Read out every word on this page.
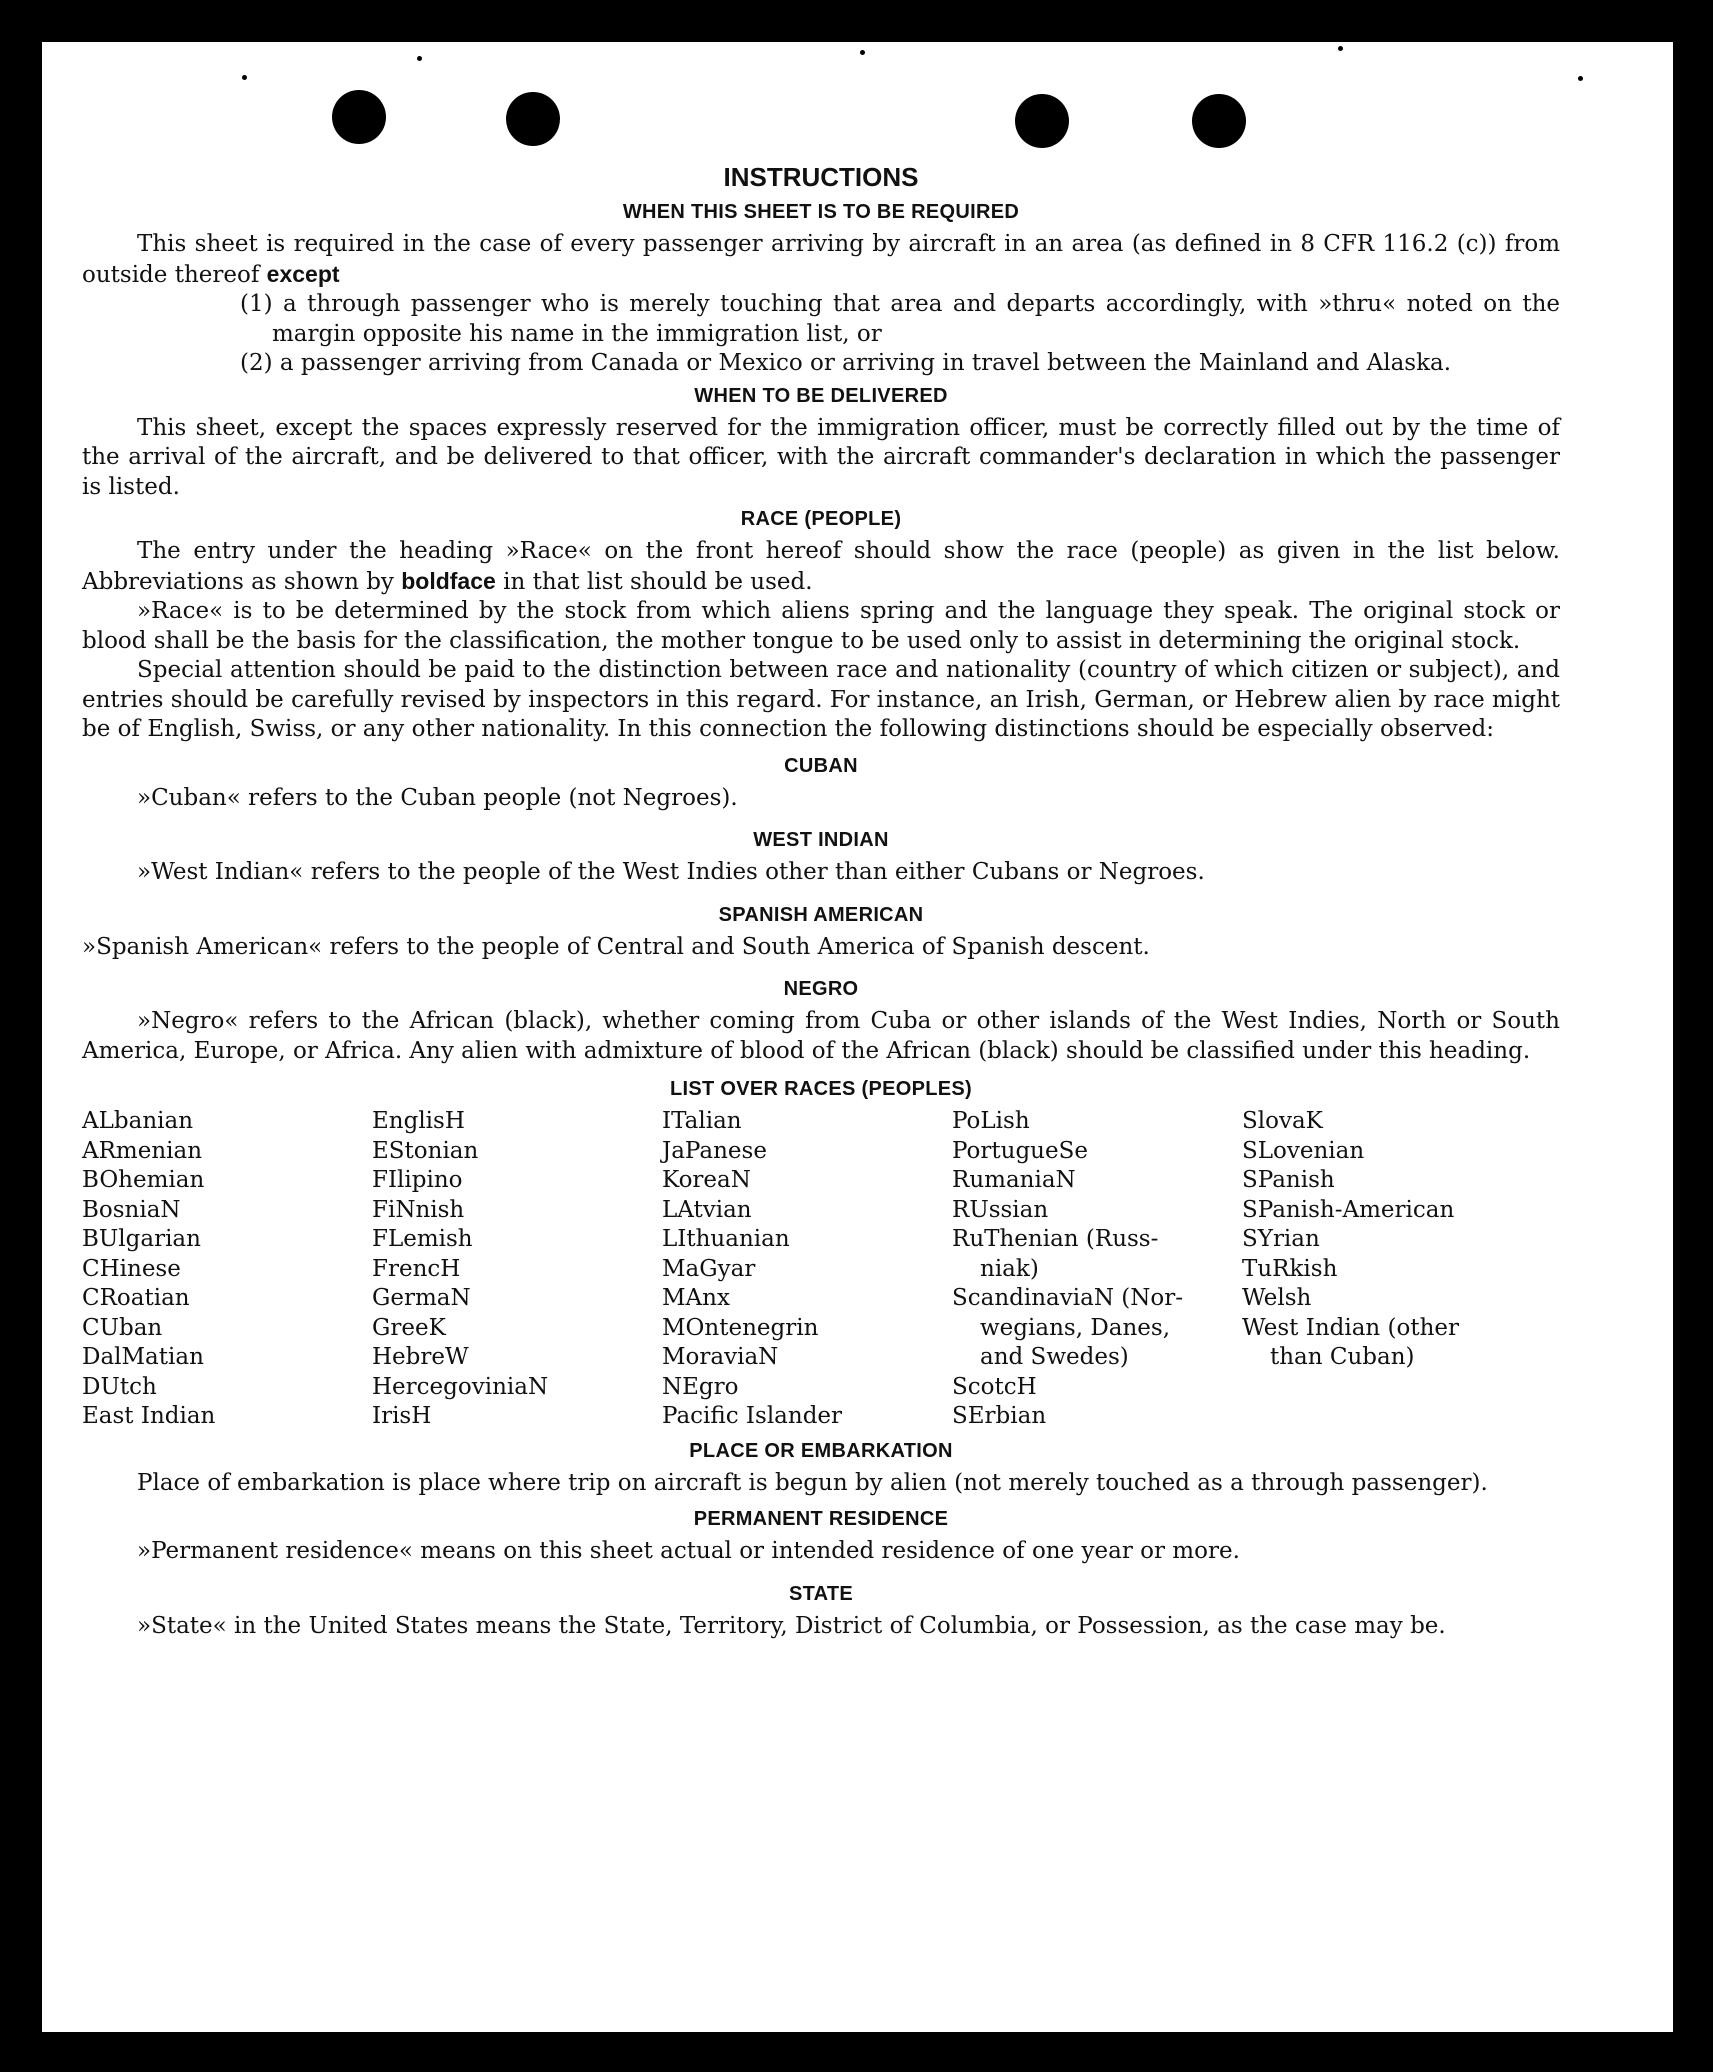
INSTRUCTIONS
WHEN THIS SHEET IS TO BE REQUIRED

This sheet is required in the case of every passenger arriving by aircraft in an area (as defined in 8 CFR 116.2 (c)) from outside thereof except

(1) a through passenger who is merely touching that area and departs accordingly, with »thru« noted on the margin opposite his name in the immigration list, or

(2) a passenger arriving from Canada or Mexico or arriving in travel between the Mainland and Alaska.

WHEN TO BE DELIVERED

This sheet, except the spaces expressly reserved for the immigration officer, must be correctly filled out by the time of the arrival of the aircraft, and be delivered to that officer, with the aircraft commander's declaration in which the passenger is listed.

RACE (PEOPLE)

The entry under the heading »Race« on the front hereof should show the race (people) as given in the list below. Abbreviations as shown by boldface in that list should be used.

»Race« is to be determined by the stock from which aliens spring and the language they speak. The original stock or blood shall be the basis for the classification, the mother tongue to be used only to assist in determining the original stock.

Special attention should be paid to the distinction between race and nationality (country of which citizen or subject), and entries should be carefully revised by inspectors in this regard. For instance, an Irish, German, or Hebrew alien by race might be of English, Swiss, or any other nationality. In this connection the following distinctions should be especially observed:

CUBAN

»Cuban« refers to the Cuban people (not Negroes).

WEST INDIAN

»West Indian« refers to the people of the West Indies other than either Cubans or Negroes.

SPANISH AMERICAN

»Spanish American« refers to the people of Central and South America of Spanish descent.

NEGRO

»Negro« refers to the African (black), whether coming from Cuba or other islands of the West Indies, North or South America, Europe, or Africa. Any alien with admixture of blood of the African (black) should be classified under this heading.

LIST OVER RACES (PEOPLES)
ALbanian
ARmenian
BOhemian
BosniaN
BUlgarian
CHinese
CRoatian
CUban
DalMatian
DUtch
East Indian
EnglisH
EStonian
FIlipino
FiNnish
FLemish
FrencH
GermaN
GreeK
HebreW
HercegoviniaN
IrisH
ITalian
JaPanese
KoreaN
LAtvian
LIthuanian
MaGyar
MAnx
MOntenegrin
MoraviaN
NEgro
Pacific Islander
PoLish
PortugueSe
RumaniaN
RUssian
RuThenian (Russ-
niak)
ScandinaviaN (Nor-
wegians, Danes,
and Swedes)
ScotcH
SErbian
SlovaK
SLovenian
SPanish
SPanish-American
SYrian
TuRkish
Welsh
West Indian (other
than Cuban)
PLACE OR EMBARKATION

Place of embarkation is place where trip on aircraft is begun by alien (not merely touched as a through passenger).

PERMANENT RESIDENCE

»Permanent residence« means on this sheet actual or intended residence of one year or more.

STATE

»State« in the United States means the State, Territory, District of Columbia, or Possession, as the case may be.
